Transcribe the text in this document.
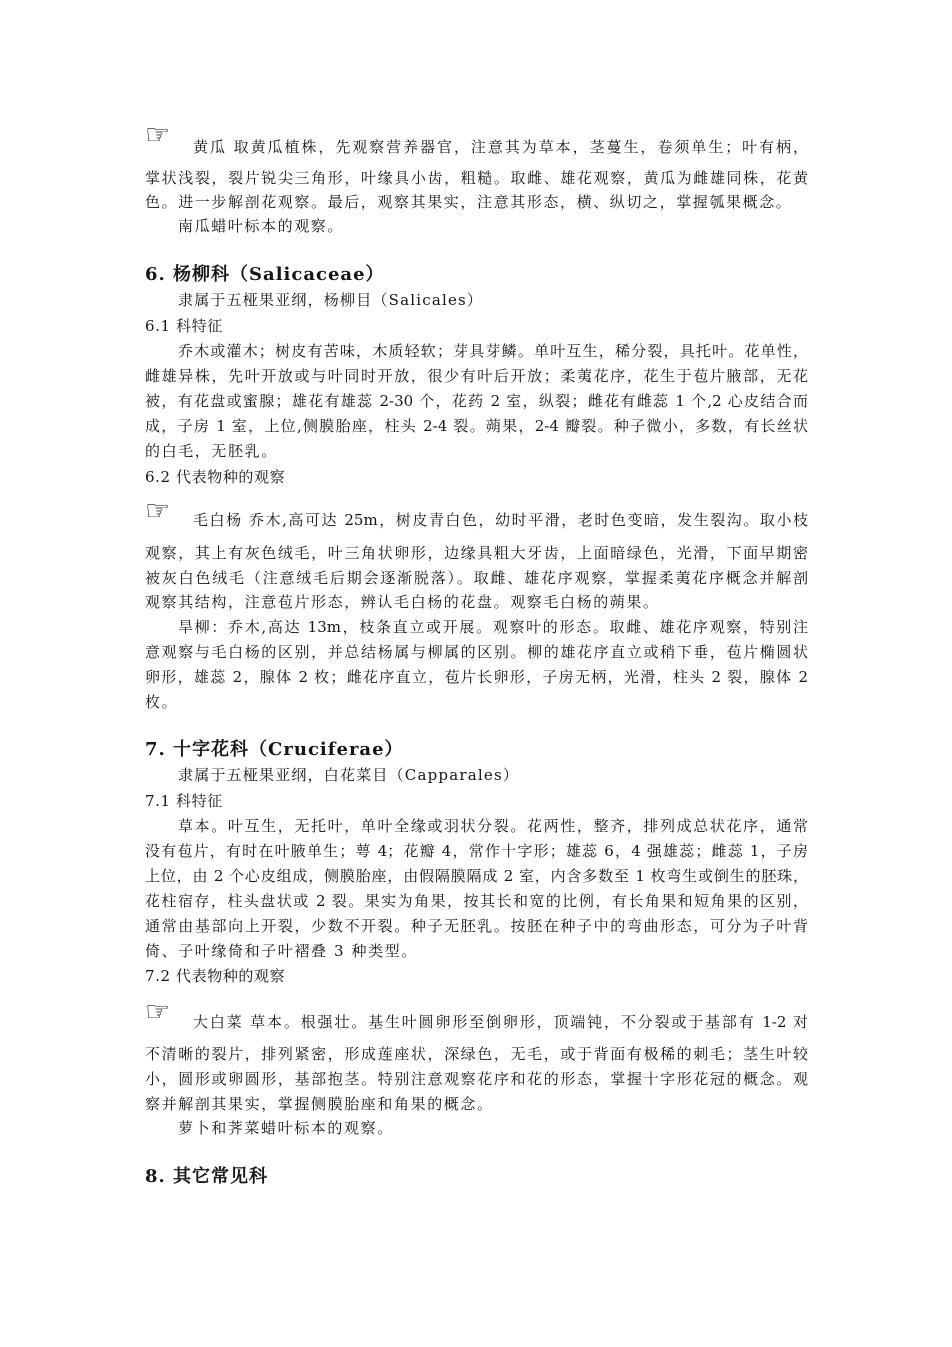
☞	黄瓜 取黄瓜植株，先观察营养器官，注意其为草本，茎蔓生，卷须单生；叶有柄，

掌状浅裂，裂片锐尖三角形，叶缘具小齿，粗糙。取雌、雄花观察，黄瓜为雌雄同株，花黄

色。进一步解剖花观察。最后，观察其果实，注意其形态，横、纵切之，掌握瓠果概念。

南瓜蜡叶标本的观察。

6. 杨柳科（Salicaceae）

隶属于五桠果亚纲，杨柳目（Salicales）

6.1 科特征

乔木或灌木；树皮有苦味，木质轻软；芽具芽鳞。单叶互生，稀分裂，具托叶。花单性，

雌雄异株，先叶开放或与叶同时开放，很少有叶后开放；柔荑花序，花生于苞片腋部，无花

被，有花盘或蜜腺；雄花有雄蕊 2-30 个，花药 2 室，纵裂；雌花有雌蕊 1 个,2 心皮结合而

成，子房 1 室，上位,侧膜胎座，柱头 2-4 裂。蒴果，2-4 瓣裂。种子微小，多数，有长丝状

的白毛，无胚乳。

6.2 代表物种的观察

☞	毛白杨 乔木,高可达 25m，树皮青白色，幼时平滑，老时色变暗，发生裂沟。取小枝

观察，其上有灰色绒毛，叶三角状卵形，边缘具粗大牙齿，上面暗绿色，光滑，下面早期密

被灰白色绒毛（注意绒毛后期会逐渐脱落）。取雌、雄花序观察，掌握柔荑花序概念并解剖

观察其结构，注意苞片形态，辨认毛白杨的花盘。观察毛白杨的蒴果。

旱柳：乔木,高达 13m，枝条直立或开展。观察叶的形态。取雌、雄花序观察，特别注

意观察与毛白杨的区别，并总结杨属与柳属的区别。柳的雄花序直立或稍下垂，苞片椭圆状

卵形，雄蕊 2，腺体 2 枚；雌花序直立，苞片长卵形，子房无柄，光滑，柱头 2 裂，腺体 2

枚。

7. 十字花科（Cruciferae）

隶属于五桠果亚纲，白花菜目（Capparales）

7.1 科特征

草本。叶互生，无托叶，单叶全缘或羽状分裂。花两性，整齐，排列成总状花序，通常

没有苞片，有时在叶腋单生；萼 4；花瓣 4，常作十字形；雄蕊 6，4 强雄蕊；雌蕊 1，子房

上位，由 2 个心皮组成，侧膜胎座，由假隔膜隔成 2 室，内含多数至 1 枚弯生或倒生的胚珠，

花柱宿存，柱头盘状或 2 裂。果实为角果，按其长和宽的比例，有长角果和短角果的区别，

通常由基部向上开裂，少数不开裂。种子无胚乳。按胚在种子中的弯曲形态，可分为子叶背

倚、子叶缘倚和子叶褶叠 3 种类型。

7.2 代表物种的观察

☞	大白菜 草本。根强壮。基生叶圆卵形至倒卵形，顶端钝，不分裂或于基部有 1-2 对

不清晰的裂片，排列紧密，形成莲座状，深绿色，无毛，或于背面有极稀的刺毛；茎生叶较

小，圆形或卵圆形，基部抱茎。特别注意观察花序和花的形态，掌握十字形花冠的概念。观

察并解剖其果实，掌握侧膜胎座和角果的概念。

萝卜和荠菜蜡叶标本的观察。

8. 其它常见科
